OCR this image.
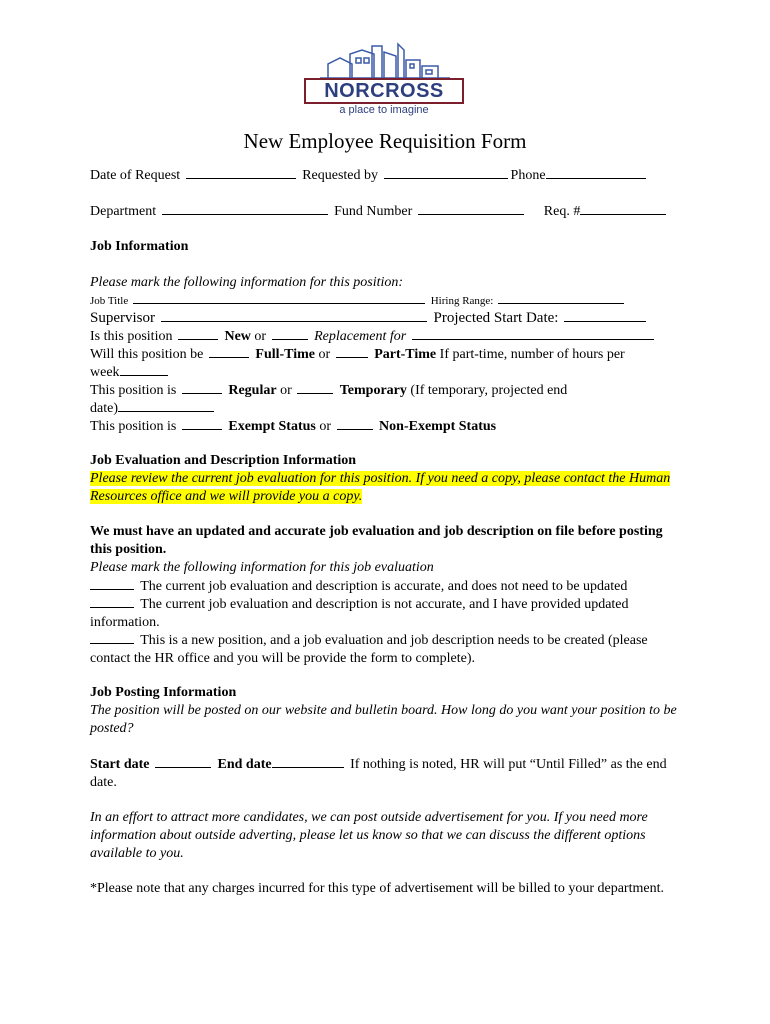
NORCROSS
a place to imagine
New Employee Requisition Form
Date of Request	Requested by	Phone
Department	Fund Number	Req. #
Job Information
Please mark the following information for this position:
Job Title	Hiring Range:
Supervisor	Projected Start Date:
Is this position	New or	Replacement for
Will this position be	Full-Time or	Part-Time If part-time, number of hours per
week
This position is	Regular or	Temporary (If temporary, projected end
date)
This position is	Exempt Status or	Non-Exempt Status
Job Evaluation and Description Information
Please review the current job evaluation for this position. If you need a copy, please contact the Human Resources office and we will provide you a copy.
We must have an updated and accurate job evaluation and job description on file before posting this position.
Please mark the following information for this job evaluation
The current job evaluation and description is accurate, and does not need to be updated
The current job evaluation and description is not accurate, and I have provided updated information.
This is a new position, and a job evaluation and job description needs to be created (please contact the HR office and you will be provide the form to complete).
Job Posting Information
The position will be posted on our website and bulletin board. How long do you want your position to be posted?
Start date	End date	If nothing is noted, HR will put “Until Filled” as the end date.
In an effort to attract more candidates, we can post outside advertisement for you. If you need more information about outside adverting, please let us know so that we can discuss the different options available to you.
*Please note that any charges incurred for this type of advertisement will be billed to your department.
